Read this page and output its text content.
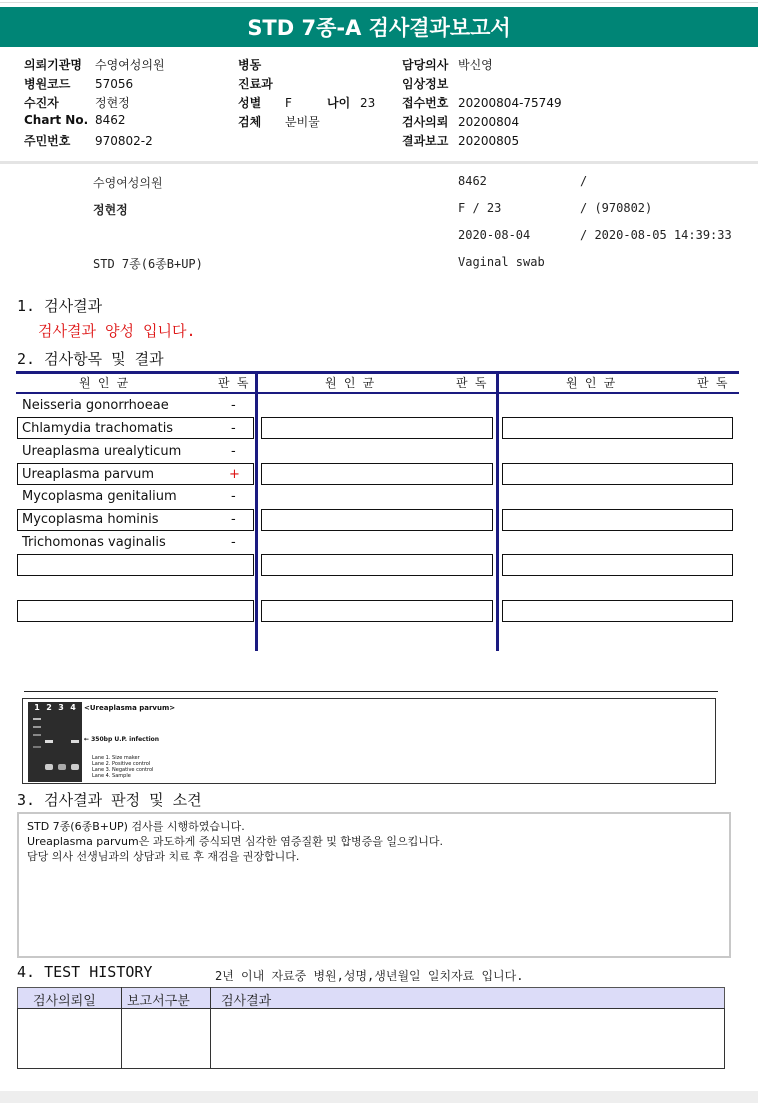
STD 7종-A 검사결과보고서
의뢰기관명 수영여성의원
병원코드 57056
수진자	정현정
Chart No. 8462
주민번호 970802-2
병동
진료과
성별 F	나이 23
검체 분비물
담당의사 박신영
임상정보
접수번호 20200804-75749
검사의뢰 20200804
결과보고 20200805
수영여성의원	8462	/
정현정	F / 23	/ (970802)
2020-08-04	/ 2020-08-05 14:39:33
STD 7종(6종B+UP)	Vaginal swab
1. 검사결과
검사결과 양성 입니다.
2. 검사항목 및 결과
원 인 균	판 독	원 인 균	판 독	원 인 균	판 독
Neisseria gonorrhoeae	-
Chlamydia trachomatis	-
Ureaplasma urealyticum	-
Ureaplasma parvum	+
Mycoplasma genitalium	-
Mycoplasma hominis	-
Trichomonas vaginalis	-
1 2 3 4	<Ureaplasma parvum>
← 350bp U.P. infection
Lane 1. Size maker
Lane 2. Positive control
Lane 3. Negative control
Lane 4. Sample
3. 검사결과 판정 및 소견
STD 7종(6종B+UP) 검사를 시행하였습니다.
Ureaplasma parvum은 과도하게 증식되면 심각한 염증질환 및 합병증을 일으킵니다.
담당 의사 선생님과의 상담과 치료 후 재검을 권장합니다.
4. TEST HISTORY	2년 이내 자료중 병원,성명,생년월일 일치자료 입니다.
검사의뢰일 보고서구분 검사결과
